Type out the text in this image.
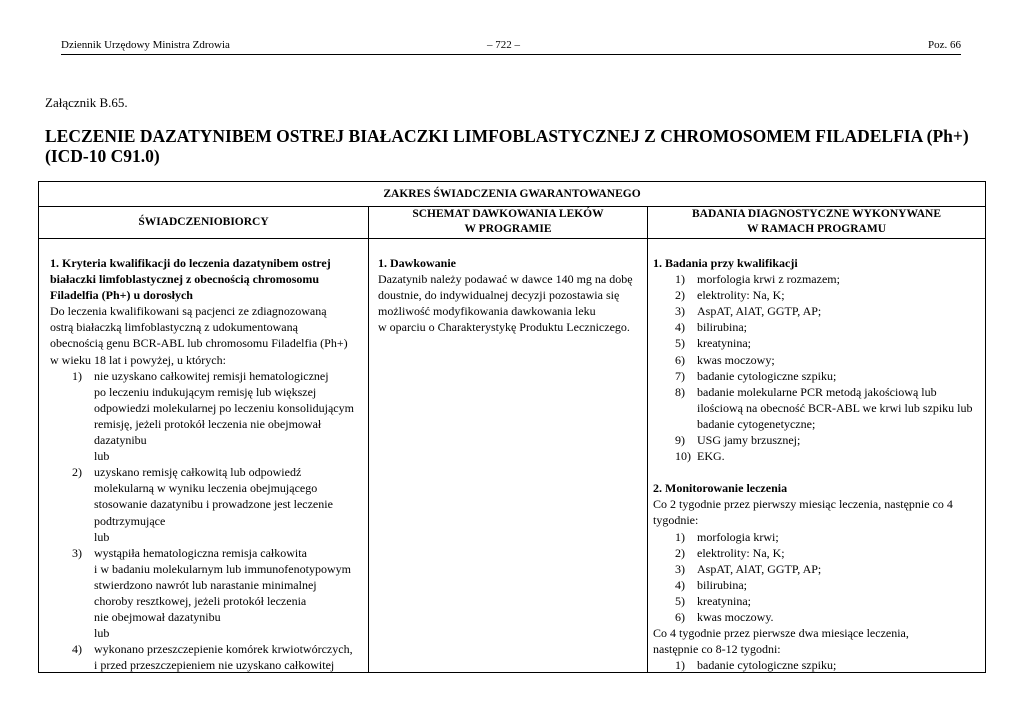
Dziennik Urzędowy Ministra Zdrowia	– 722 –	Poz. 66
Załącznik B.65.
LECZENIE DAZATYNIBEM OSTREJ BIAŁACZKI LIMFOBLASTYCZNEJ Z CHROMOSOMEM FILADELFIA (Ph+)
(ICD-10 C91.0)
ZAKRES ŚWIADCZENIA GWARANTOWANEGO
ŚWIADCZENIOBIORCY
SCHEMAT DAWKOWANIA LEKÓW
W PROGRAMIE
BADANIA DIAGNOSTYCZNE WYKONYWANE
W RAMACH PROGRAMU
1. Kryteria kwalifikacji do leczenia dazatynibem ostrej
białaczki limfoblastycznej z obecnością chromosomu
Filadelfia (Ph+) u dorosłych
Do leczenia kwalifikowani są pacjenci ze zdiagnozowaną
ostrą białaczką limfoblastyczną z udokumentowaną
obecnością genu BCR-ABL lub chromosomu Filadelfia (Ph+)
w wieku 18 lat i powyżej, u których:
1) nie uzyskano całkowitej remisji hematologicznej
po leczeniu indukującym remisję lub większej
odpowiedzi molekularnej po leczeniu konsolidującym
remisję, jeżeli protokół leczenia nie obejmował
dazatynibu
lub
2) uzyskano remisję całkowitą lub odpowiedź
molekularną w wyniku leczenia obejmującego
stosowanie dazatynibu i prowadzone jest leczenie
podtrzymujące
lub
3) wystąpiła hematologiczna remisja całkowita
i w badaniu molekularnym lub immunofenotypowym
stwierdzono nawrót lub narastanie minimalnej
choroby resztkowej, jeżeli protokół leczenia
nie obejmował dazatynibu
lub
4) wykonano przeszczepienie komórek krwiotwórczych,
i przed przeszczepieniem nie uzyskano całkowitej
1. Dawkowanie
Dazatynib należy podawać w dawce 140 mg na dobę
doustnie, do indywidualnej decyzji pozostawia się
możliwość modyfikowania dawkowania leku
w oparciu o Charakterystykę Produktu Leczniczego.
1. Badania przy kwalifikacji
1) morfologia krwi z rozmazem;
2) elektrolity: Na, K;
3) AspAT, AlAT, GGTP, AP;
4) bilirubina;
5) kreatynina;
6) kwas moczowy;
7) badanie cytologiczne szpiku;
8) badanie molekularne PCR metodą jakościową lub
ilościową na obecność BCR-ABL we krwi lub szpiku lub
badanie cytogenetyczne;
9) USG jamy brzusznej;
10) EKG.
2. Monitorowanie leczenia
Co 2 tygodnie przez pierwszy miesiąc leczenia, następnie co 4
tygodnie:
1) morfologia krwi;
2) elektrolity: Na, K;
3) AspAT, AlAT, GGTP, AP;
4) bilirubina;
5) kreatynina;
6) kwas moczowy.
Co 4 tygodnie przez pierwsze dwa miesiące leczenia,
następnie co 8-12 tygodni:
1) badanie cytologiczne szpiku;
